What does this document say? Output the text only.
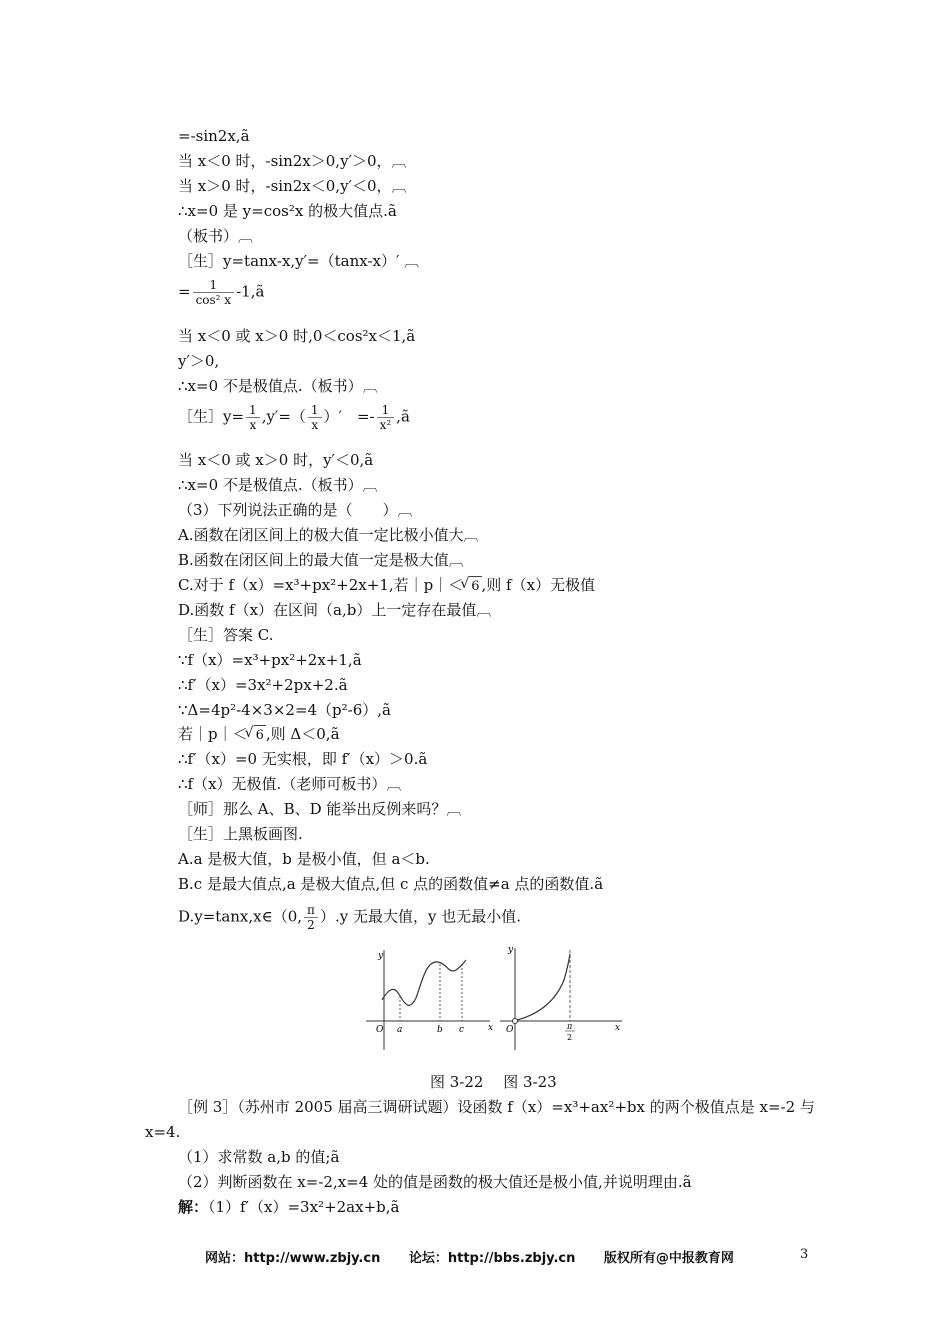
=-sin2x,ã
当 x＜0 时，-sin2x＞0,y′＞0，︹
当 x＞0 时，-sin2x＜0,y′＜0，︹
∴x=0 是 y=cos²x 的极大值点.ã
（板书）︹
［生］y=tanx-x,y′=（tanx-x）′ ︹
= $\frac{1}{\text{cos² x}}$ -1,ã
当 x＜0 或 x＞0 时,0＜cos²x＜1,ã
y′＞0,
∴x=0 不是极值点.（板书）︹
［生］y= $\frac{1}{x} ,y'=( \frac{1}{x}$ ）′　=- $\frac{1}{\text{x²}}$ ,ã
当 x＜0 或 x＞0 时，y′＜0,ã
∴x=0 不是极值点.（板书）︹
（3）下列说法正确的是（　　）︹
A.函数在闭区间上的极大值一定比极小值大︹
B.函数在闭区间上的最大值一定是极大值︹
C.对于 f（x）=x³+px²+2x+1,若｜p｜＜ √ 6 ,则 f（x）无极值
D.函数 f（x）在区间（a,b）上一定存在最值︹
［生］答案 C.
∵f（x）=x³+px²+2x+1,ã
∴f′（x）=3x²+2px+2.ã
∵Δ=4p²-4×3×2=4（p²-6）,ã
若｜p｜＜ √ 6 ,则 Δ＜0,ã
∴f′（x）=0 无实根，即 f′（x）＞0.ã
∴f（x）无极值.（老师可板书）︹
［师］那么 A、B、D 能举出反例来吗？︹
［生］上黑板画图.
A.a 是极大值，b 是极小值，但 a＜b.
B.c 是最大值点,a 是极大值点,但 c 点的函数值≠a 点的函数值.ã
D.y=tanx,x∈（0, $\frac{\pi}{2} ).y$ 无最大值，y 也无最小值.
y
O a	b c	x
y
O	π
2
x
图 3-22　 图 3-23
［例 3］（苏州市 2005 届高三调研试题）设函数 f（x）=x³+ax²+bx 的两个极值点是 x=-2 与
x=4.
（1）求常数 a,b 的值;ã
（2）判断函数在 x=-2,x=4 处的值是函数的极大值还是极小值,并说明理由.ã
解：（1）f′（x）=3x²+2ax+b,ã
网站：http://www.zbjy.cn 论坛：http://bbs.zbjy.cn 版权所有@中报教育网	3
